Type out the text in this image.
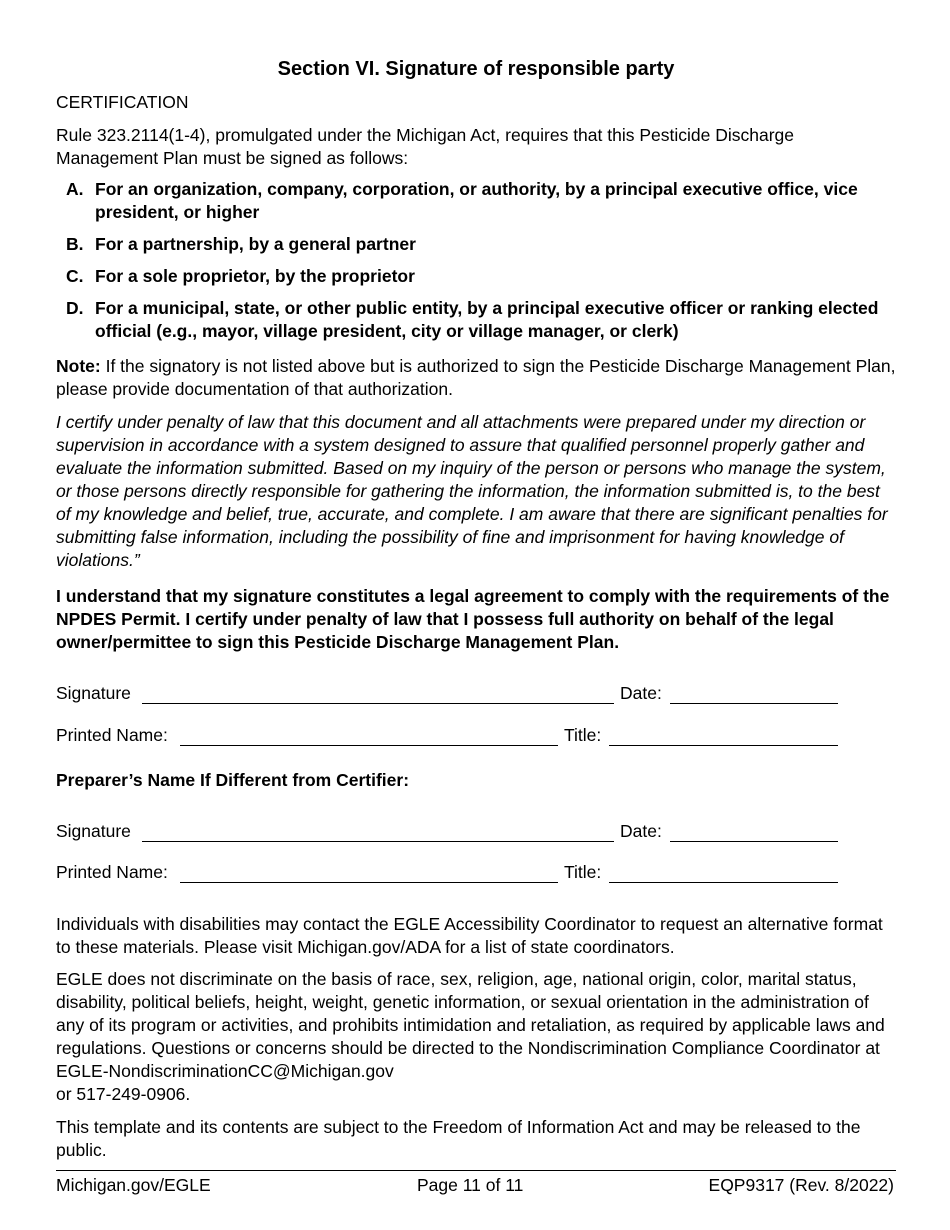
Section VI. Signature of responsible party

CERTIFICATION

Rule 323.2114(1-4), promulgated under the Michigan Act, requires that this Pesticide Discharge Management Plan must be signed as follows:

A. For an organization, company, corporation, or authority, by a principal executive office, vice president, or higher
B. For a partnership, by a general partner
C. For a sole proprietor, by the proprietor
D. For a municipal, state, or other public entity, by a principal executive officer or ranking elected official (e.g., mayor, village president, city or village manager, or clerk)

Note: If the signatory is not listed above but is authorized to sign the Pesticide Discharge Management Plan, please provide documentation of that authorization.

I certify under penalty of law that this document and all attachments were prepared under my direction or supervision in accordance with a system designed to assure that qualified personnel properly gather and evaluate the information submitted. Based on my inquiry of the person or persons who manage the system, or those persons directly responsible for gathering the information, the information submitted is, to the best of my knowledge and belief, true, accurate, and complete. I am aware that there are significant penalties for submitting false information, including the possibility of fine and imprisonment for having knowledge of violations.”

I understand that my signature constitutes a legal agreement to comply with the requirements of the NPDES Permit. I certify under penalty of law that I possess full authority on behalf of the legal owner/permittee to sign this Pesticide Discharge Management Plan.

Signature	Date:
Printed Name:	Title:

Preparer’s Name If Different from Certifier:

Signature	Date:
Printed Name:	Title:

Individuals with disabilities may contact the EGLE Accessibility Coordinator to request an alternative format to these materials. Please visit Michigan.gov/ADA for a list of state coordinators.

EGLE does not discriminate on the basis of race, sex, religion, age, national origin, color, marital status, disability, political beliefs, height, weight, genetic information, or sexual orientation in the administration of any of its program or activities, and prohibits intimidation and retaliation, as required by applicable laws and regulations. Questions or concerns should be directed to the Nondiscrimination Compliance Coordinator at EGLE-NondiscriminationCC@Michigan.gov
or 517-249-0906.

This template and its contents are subject to the Freedom of Information Act and may be released to the public.

Michigan.gov/EGLE	Page 11 of 11	EQP9317 (Rev. 8/2022)
